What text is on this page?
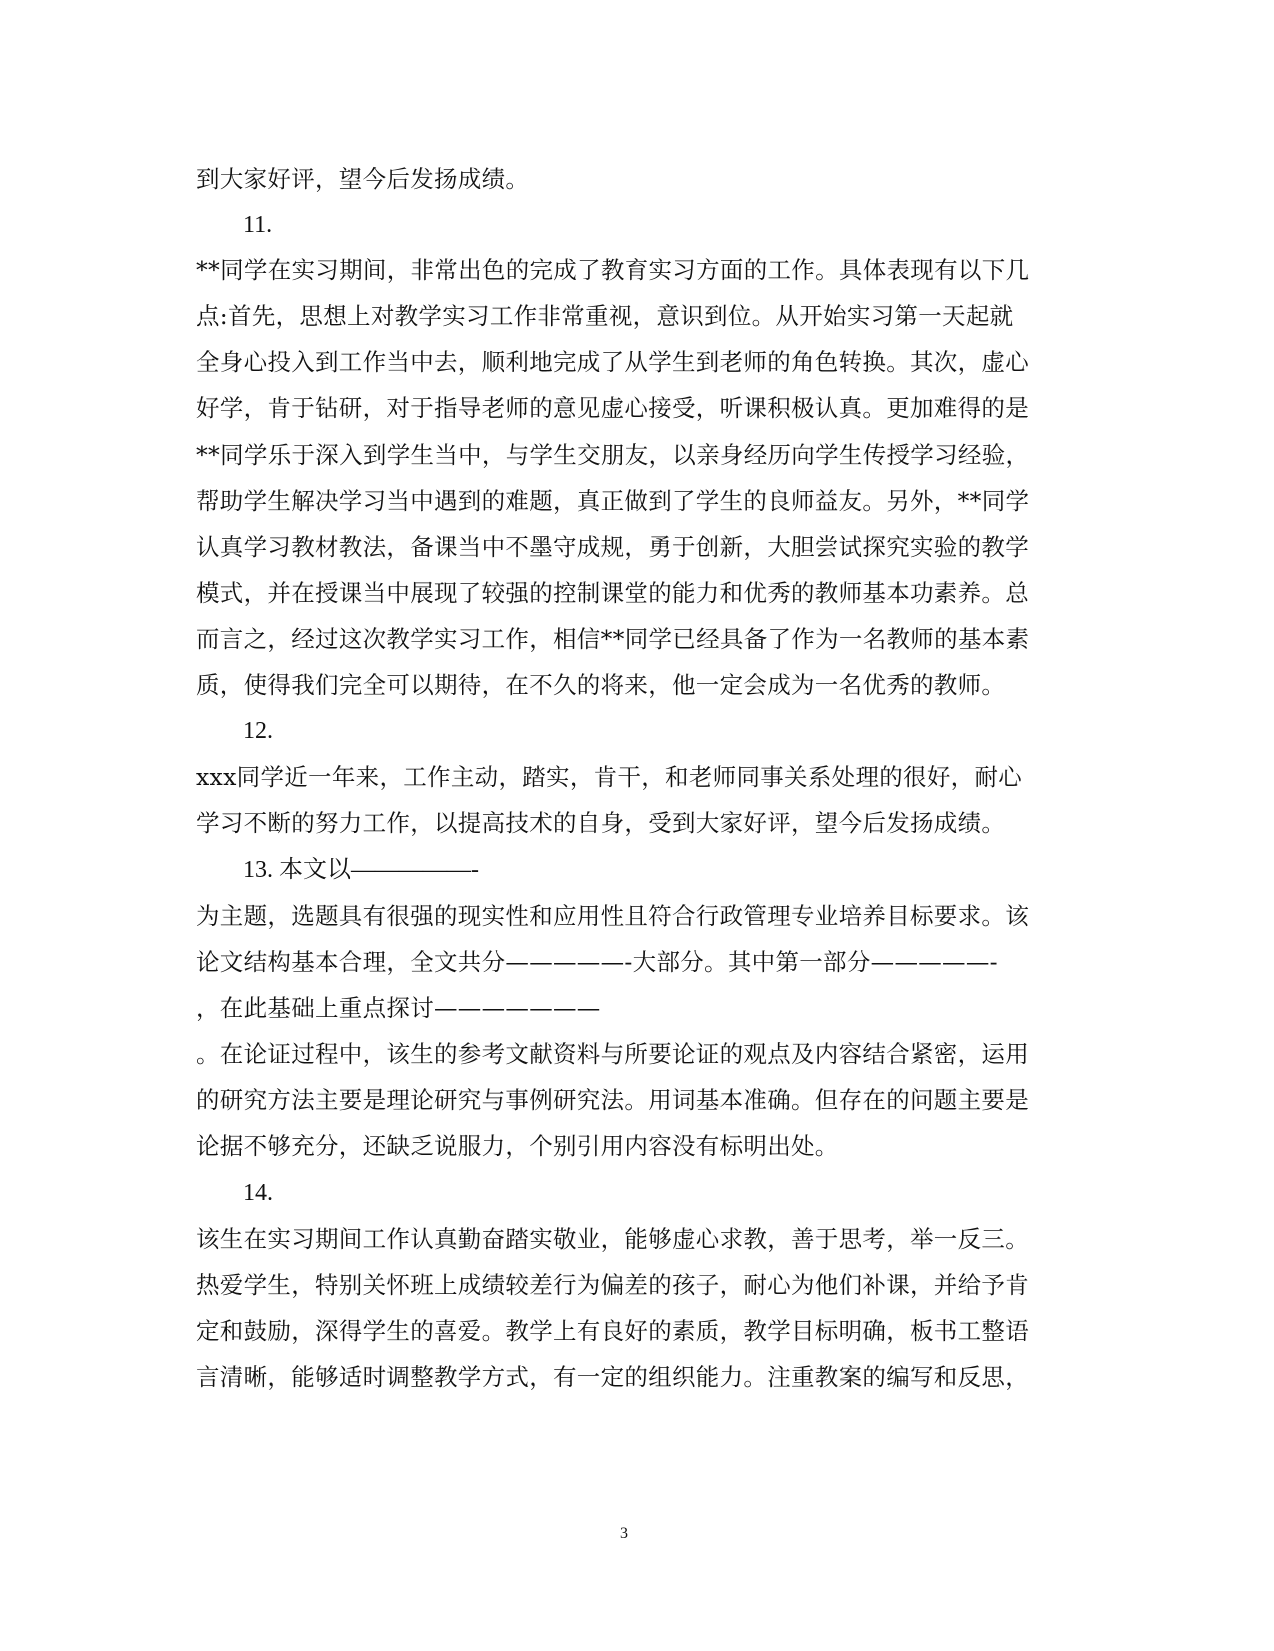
到大家好评，望今后发扬成绩。
11.
**同学在实习期间，非常出色的完成了教育实习方面的工作。具体表现有以下几
点:首先，思想上对教学实习工作非常重视，意识到位。从开始实习第一天起就
全身心投入到工作当中去，顺利地完成了从学生到老师的角色转换。其次，虚心
好学，肯于钻研，对于指导老师的意见虚心接受，听课积极认真。更加难得的是
**同学乐于深入到学生当中，与学生交朋友，以亲身经历向学生传授学习经验，
帮助学生解决学习当中遇到的难题，真正做到了学生的良师益友。另外，**同学
认真学习教材教法，备课当中不墨守成规，勇于创新，大胆尝试探究实验的教学
模式，并在授课当中展现了较强的控制课堂的能力和优秀的教师基本功素养。总
而言之，经过这次教学实习工作，相信**同学已经具备了作为一名教师的基本素
质，使得我们完全可以期待，在不久的将来，他一定会成为一名优秀的教师。
12.
xxx同学近一年来，工作主动，踏实，肯干，和老师同事关系处理的很好，耐心
学习不断的努力工作，以提高技术的自身，受到大家好评，望今后发扬成绩。
13. 本文以—————-
为主题，选题具有很强的现实性和应用性且符合行政管理专业培养目标要求。该
论文结构基本合理，全文共分—————-大部分。其中第一部分—————-
，在此基础上重点探讨———————
。在论证过程中，该生的参考文献资料与所要论证的观点及内容结合紧密，运用
的研究方法主要是理论研究与事例研究法。用词基本准确。但存在的问题主要是
论据不够充分，还缺乏说服力，个别引用内容没有标明出处。
14.
该生在实习期间工作认真勤奋踏实敬业，能够虚心求教，善于思考，举一反三。
热爱学生，特别关怀班上成绩较差行为偏差的孩子，耐心为他们补课，并给予肯
定和鼓励，深得学生的喜爱。教学上有良好的素质，教学目标明确，板书工整语
言清晰，能够适时调整教学方式，有一定的组织能力。注重教案的编写和反思，
3
